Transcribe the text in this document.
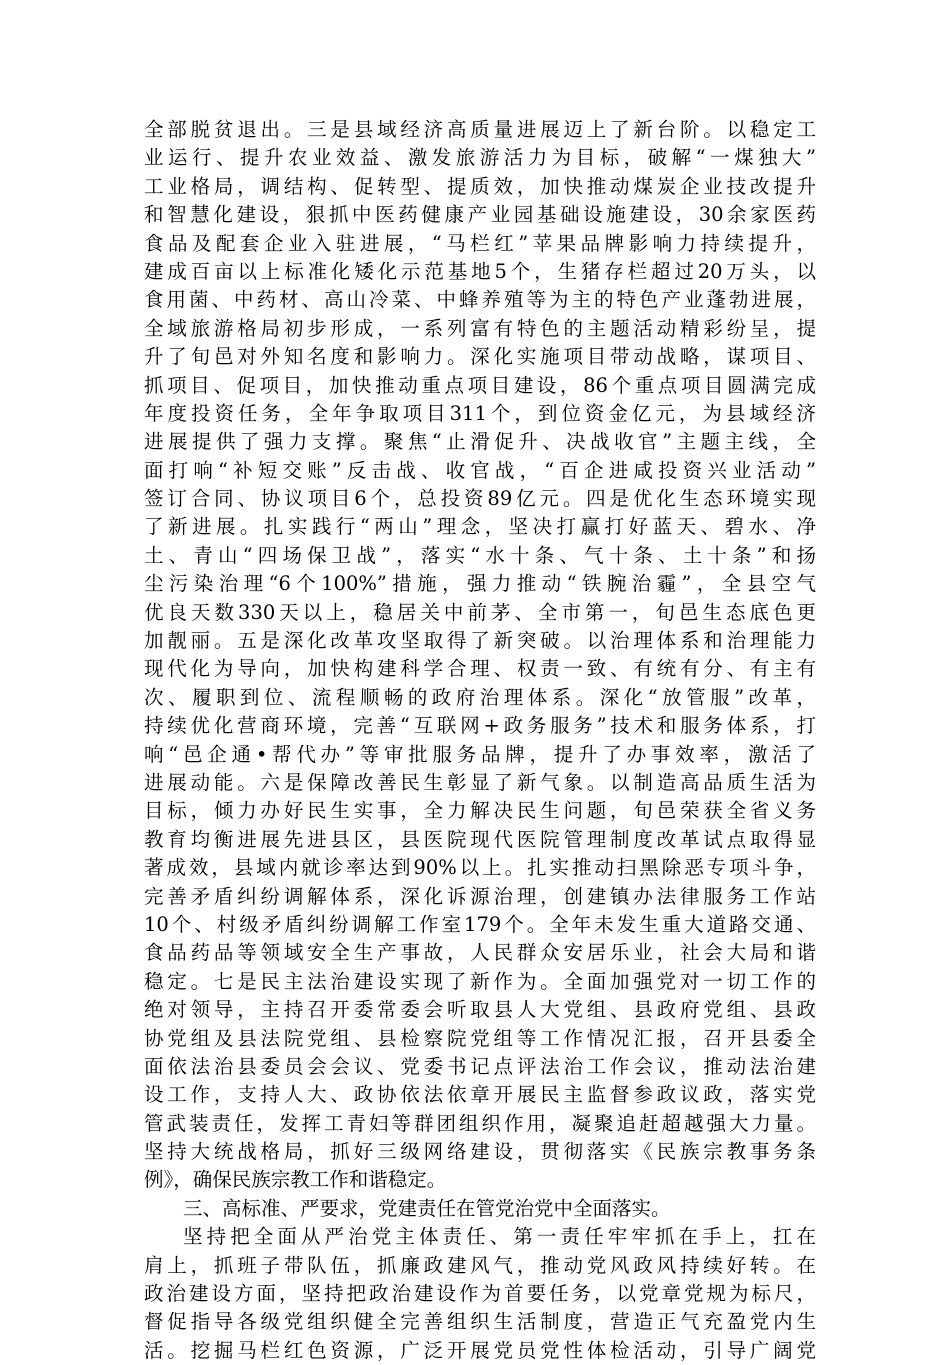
全部脱贫退出。三是县域经济高质量进展迈上了新台阶。以稳定工
业运行、提升农业效益、激发旅游活力为目标，破解“一煤独大”
工业格局，调结构、促转型、提质效，加快推动煤炭企业技改提升
和智慧化建设，狠抓中医药健康产业园基础设施建设，30余家医药
食品及配套企业入驻进展，“马栏红”苹果品牌影响力持续提升，
建成百亩以上标准化矮化示范基地5个，生猪存栏超过20万头，以
食用菌、中药材、高山冷菜、中蜂养殖等为主的特色产业蓬勃进展，
全域旅游格局初步形成，一系列富有特色的主题活动精彩纷呈，提
升了旬邑对外知名度和影响力。深化实施项目带动战略，谋项目、
抓项目、促项目，加快推动重点项目建设，86个重点项目圆满完成
年度投资任务，全年争取项目311个，到位资金亿元，为县域经济
进展提供了强力支撑。聚焦“止滑促升、决战收官”主题主线，全
面打响“补短交账”反击战、收官战，“百企进咸投资兴业活动”
签订合同、协议项目6个，总投资89亿元。四是优化生态环境实现
了新进展。扎实践行“两山”理念，坚决打赢打好蓝天、碧水、净
土、青山“四场保卫战”，落实“水十条、气十条、土十条”和扬
尘污染治理“6个100%”措施，强力推动“铁腕治霾”，全县空气
优良天数330天以上，稳居关中前茅、全市第一，旬邑生态底色更
加靓丽。五是深化改革攻坚取得了新突破。以治理体系和治理能力
现代化为导向，加快构建科学合理、权责一致、有统有分、有主有
次、履职到位、流程顺畅的政府治理体系。深化“放管服”改革，
持续优化营商环境，完善“互联网+政务服务”技术和服务体系，打
响“邑企通•帮代办”等审批服务品牌，提升了办事效率，激活了
进展动能。六是保障改善民生彰显了新气象。以制造高品质生活为
目标，倾力办好民生实事，全力解决民生问题，旬邑荣获全省义务
教育均衡进展先进县区，县医院现代医院管理制度改革试点取得显
著成效，县域内就诊率达到90%以上。扎实推动扫黑除恶专项斗争，
完善矛盾纠纷调解体系，深化诉源治理，创建镇办法律服务工作站
10个、村级矛盾纠纷调解工作室179个。全年未发生重大道路交通、
食品药品等领域安全生产事故，人民群众安居乐业，社会大局和谐
稳定。七是民主法治建设实现了新作为。全面加强党对一切工作的
绝对领导，主持召开委常委会听取县人大党组、县政府党组、县政
协党组及县法院党组、县检察院党组等工作情况汇报，召开县委全
面依法治县委员会会议、党委书记点评法治工作会议，推动法治建
设工作，支持人大、政协依法依章开展民主监督参政议政，落实党
管武装责任，发挥工青妇等群团组织作用，凝聚追赶超越强大力量。
坚持大统战格局，抓好三级网络建设，贯彻落实《民族宗教事务条
例》，确保民族宗教工作和谐稳定。
三、高标准、严要求，党建责任在管党治党中全面落实。
坚持把全面从严治党主体责任、第一责任牢牢抓在手上，扛在
肩上，抓班子带队伍，抓廉政建风气，推动党风政风持续好转。在
政治建设方面，坚持把政治建设作为首要任务，以党章党规为标尺，
督促指导各级党组织健全完善组织生活制度，营造正气充盈党内生
活。挖掘马栏红色资源，广泛开展党员党性体检活动，引导广阔党
